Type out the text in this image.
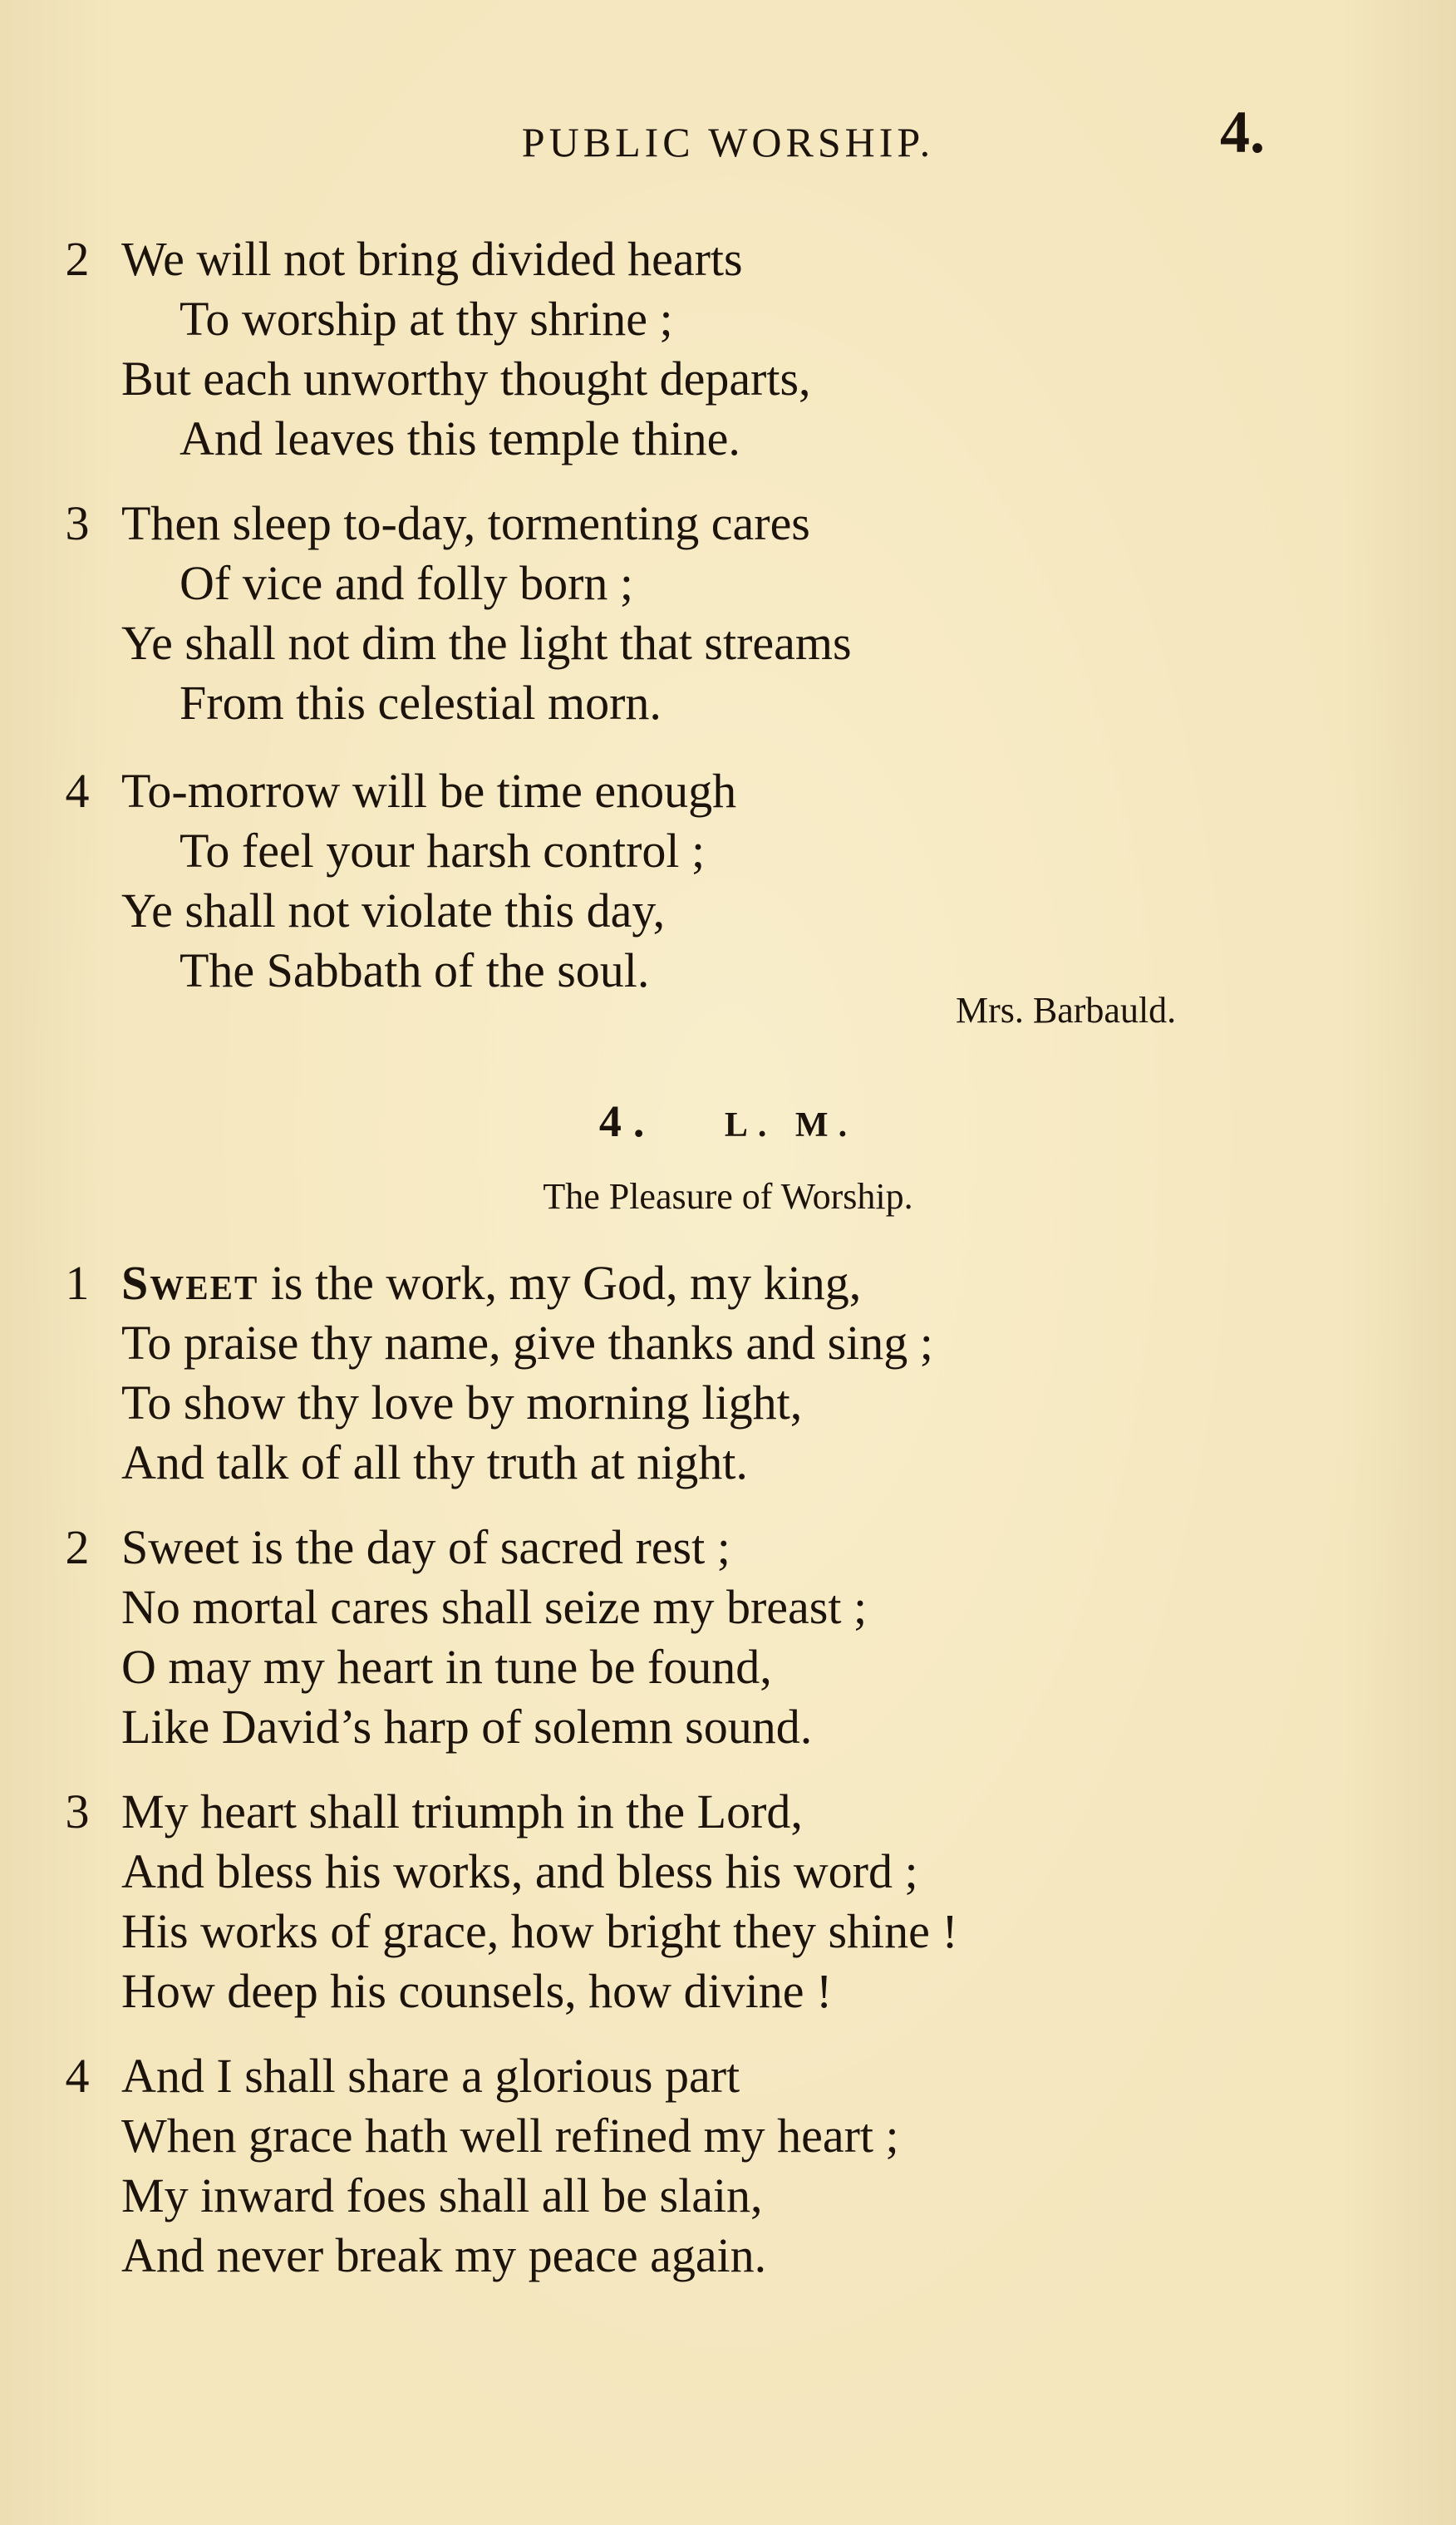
PUBLIC WORSHIP.	4.
2 We will not bring divided hearts
To worship at thy shrine ;
But each unworthy thought departs,
And leaves this temple thine.
3 Then sleep to-day, tormenting cares
Of vice and folly born ;
Ye shall not dim the light that streams
From this celestial morn.
4 To-morrow will be time enough
To feel your harsh control ;
Ye shall not violate this day,
The Sabbath of the soul.
Mrs. Barbauld.
4. L. M.
The Pleasure of Worship.
1 Sweet is the work, my God, my king,
To praise thy name, give thanks and sing ;
To show thy love by morning light,
And talk of all thy truth at night.
2 Sweet is the day of sacred rest ;
No mortal cares shall seize my breast ;
O may my heart in tune be found,
Like David’s harp of solemn sound.
3 My heart shall triumph in the Lord,
And bless his works, and bless his word ;
His works of grace, how bright they shine !
How deep his counsels, how divine !
4 And I shall share a glorious part
When grace hath well refined my heart ;
My inward foes shall all be slain,
And never break my peace again.
